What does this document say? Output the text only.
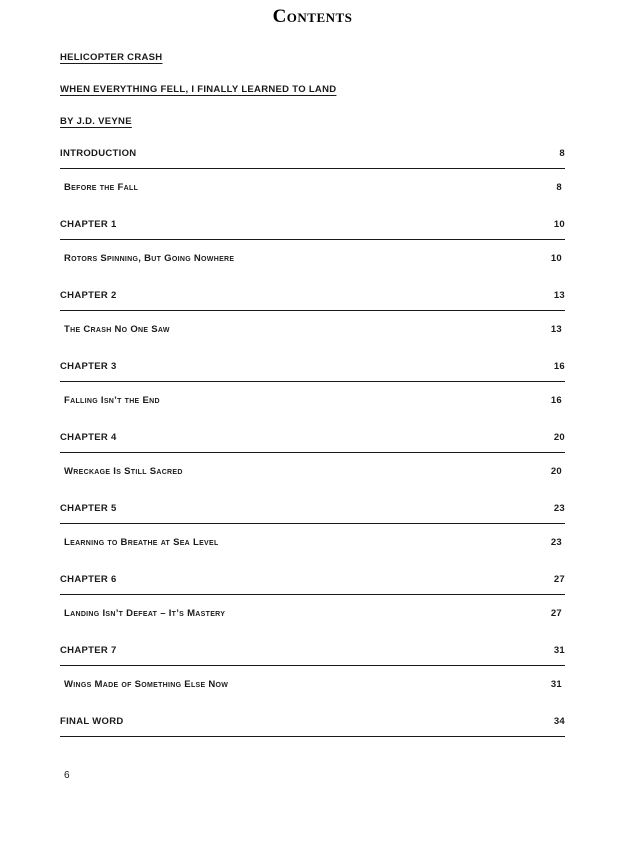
Contents
HELICOPTER CRASH
WHEN EVERYTHING FELL, I FINALLY LEARNED TO LAND
BY J.D. VEYNE
INTRODUCTION	8
Before the Fall	8
CHAPTER 1	10
Rotors Spinning, But Going Nowhere	10
CHAPTER 2	13
The Crash No One Saw	13
CHAPTER 3	16
Falling Isn’t the End	16
CHAPTER 4	20
Wreckage Is Still Sacred	20
CHAPTER 5	23
Learning to Breathe at Sea Level	23
CHAPTER 6	27
Landing Isn’t Defeat – It’s Mastery	27
CHAPTER 7	31
Wings Made of Something Else Now	31
FINAL WORD	34
6
